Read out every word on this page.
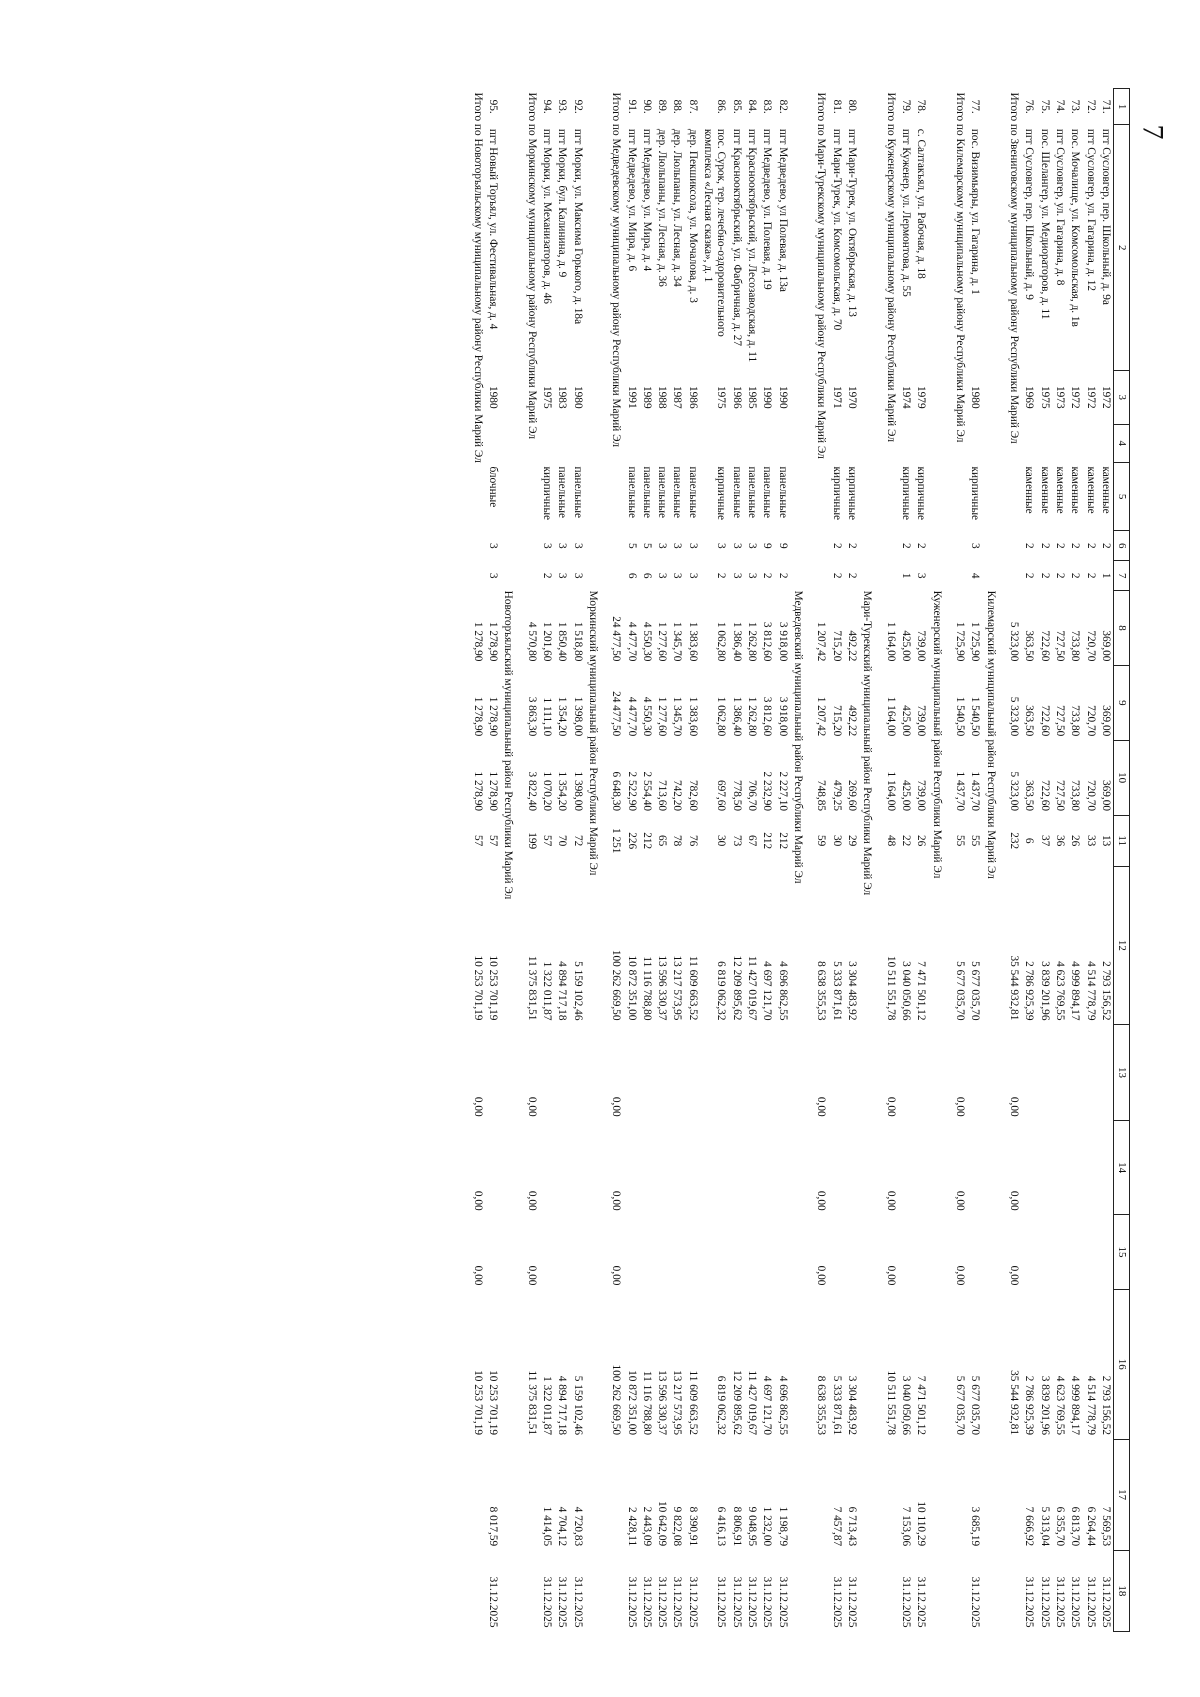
7
1	2	3	4	5	6	7	8	9	10	11	12	13	14	15	16	17	18
71.	пгт Сусловгер, пер. Школьный, д. 9а	1972		каменные	2	1	369,00	369,00	369,00	13	2 793 156,52				2 793 156,52	7 569,53	31.12.2025
72.	пгт Сусловгер, ул. Гагарина, д. 12	1972		каменные	2	2	720,70	720,70	720,70	33	4 514 778,79				4 514 778,79	6 264,44	31.12.2025
73.	пос. Мочалище, ул. Комсомольская, д. 1в	1972		каменные	2	2	733,80	733,80	733,80	26	4 999 894,17				4 999 894,17	6 813,70	31.12.2025
74.	пгт Сусловгер, ул. Гагарина, д. 8	1973		каменные	2	2	727,50	727,50	727,50	36	4 623 769,55				4 623 769,55	6 355,70	31.12.2025
75.	пос. Шелангер, ул. Медиораторов, д. 11	1975		каменные	2	2	722,60	722,60	722,60	37	3 839 201,96				3 839 201,96	5 313,04	31.12.2025
76.	пгт Сусловгер, пер. Школьный, д. 9	1969		каменные	2	2	363,50	363,50	363,50	6	2 786 925,39				2 786 925,39	7 666,92	31.12.2025
Итого по Звениговскому муниципальному району Республики Марий Эл							5 323,00	5 323,00	5 323,00	232	35 544 932,81	0,00	0,00	0,00	35 544 932,81		
							Килемарский муниципальный район Республики Марий Эл										
77.	пос. Визимьяры, ул. Гагарина, д. 1	1980		кирпичные	3	4	1 725,90	1 540,50	1 437,70	55	5 677 035,70				5 677 035,70	3 685,19	31.12.2025
Итого по Килемарскому муниципальному району Республики Марий Эл							1 725,90	1 540,50	1 437,70	55	5 677 035,70	0,00	0,00	0,00	5 677 035,70		
							Куженерский муниципальный район Республики Марий Эл										
78.	с. Салтакъял, ул. Рабочая, д. 18	1979		кирпичные	2	3	739,00	739,00	739,00	26	7 471 501,12				7 471 501,12	10 110,29	31.12.2025
79.	пгт Куженер, ул. Лермонтова, д. 55	1974		кирпичные	2	1	425,00	425,00	425,00	22	3 040 050,66				3 040 050,66	7 153,06	31.12.2025
Итого по Куженерскому муниципальному району Республики Марий Эл							1 164,00	1 164,00	1 164,00	48	10 511 551,78	0,00	0,00	0,00	10 511 551,78		
							Мари-Турекский муниципальный район Республики Марий Эл										
80.	пгт Мари-Турек, ул. Октябрьская, д. 13	1970		кирпичные	2	2	492,22	492,22	269,60	29	3 304 483,92				3 304 483,92	6 713,43	31.12.2025
81.	пгт Мари-Турек, ул. Комсомольская, д. 70	1971		кирпичные	2	2	715,20	715,20	479,25	30	5 333 871,61				5 333 871,61	7 457,87	31.12.2025
Итого по Мари-Турекскому муниципальному району Республики Марий Эл							1 207,42	1 207,42	748,85	59	8 638 355,53	0,00	0,00	0,00	8 638 355,53		
							Медведевский муниципальный район Республики Марий Эл										
82.	пгт Медведево, ул Полевая, д. 13а	1990		панельные	9	2	3 918,00	3 918,00	2 227,10	212	4 696 862,55				4 696 862,55	1 198,79	31.12.2025
83.	пгт Медведево, ул. Полевая, д. 19	1990		панельные	9	2	3 812,60	3 812,60	2 232,90	212	4 697 121,70				4 697 121,70	1 232,00	31.12.2025
84.	пгт Краснооктябрьский, ул. Лесозаводская, д. 11	1985		панельные	3	3	1 262,80	1 262,80	706,70	67	11 427 019,67				11 427 019,67	9 048,95	31.12.2025
85.	пгт Краснооктябрьский, ул. Фабричная, д. 27	1986		панельные	3	3	1 386,40	1 386,40	778,50	73	12 209 895,62				12 209 895,62	8 806,91	31.12.2025
86.	пос. Сурок, тер. лечебно-оздоровительного комплекса «Лесная сказка», д. 1	1975		кирпичные	3	2	1 062,80	1 062,80	697,60	30	6 819 062,32				6 819 062,32	6 416,13	31.12.2025
87.	дер. Пекшиксола, ул. Мочалова, д. 3	1986		панельные	3	3	1 383,60	1 383,60	782,60	76	11 609 663,52				11 609 663,52	8 390,91	31.12.2025
88.	дер. Люльпаны, ул. Лесная, д. 34	1987		панельные	3	3	1 345,70	1 345,70	742,20	78	13 217 573,95				13 217 573,95	9 822,08	31.12.2025
89.	дер. Люльпаны, ул. Лесная, д. 36	1988		панельные	3	3	1 277,60	1 277,60	713,60	65	13 596 330,37				13 596 330,37	10 642,09	31.12.2025
90.	пгт Медведево, ул. Мира, д. 4	1989		панельные	5	6	4 550,30	4 550,30	2 554,40	212	11 116 788,80				11 116 788,80	2 443,09	31.12.2025
91.	пгт Медведево, ул. Мира, д. 6	1991		панельные	5	6	4 477,70	4 477,70	2 522,90	226	10 872 351,00				10 872 351,00	2 428,11	31.12.2025
Итого по Медведевскому муниципальному району Республики Марий Эл							24 477,50	24 477,50	6 648,30	1 251	100 262 669,50	0,00	0,00	0,00	100 262 669,50		
							Моркинский муниципальный район Республики Марий Эл										
92.	пгт Морки, ул. Максима Горького, д. 18а	1980		панельные	3	3	1 518,80	1 398,00	1 398,00	72	5 159 102,46				5 159 102,46	4 720,83	31.12.2025
93.	пгт Морки, бул. Калинина, д. 9	1983		панельные	3	3	1 850,40	1 354,20	1 354,20	70	4 894 717,18				4 894 717,18	4 704,12	31.12.2025
94.	пгт Морки, ул. Механизаторов, д. 46	1975		кирпичные	3	2	1 201,60	1 111,10	1 070,20	57	1 322 011,87				1 322 011,87	1 414,05	31.12.2025
Итого по Моркинскому муниципальному району Республики Марий Эл							4 570,80	3 863,30	3 822,40	199	11 375 831,51	0,00	0,00	0,00	11 375 831,51		
							Новоторъяльский муниципальный район Республики Марий Эл										
95.	пгт Новый Торъял, ул. Фестивальная, д. 4	1980		блочные	3	3	1 278,90	1 278,90	1 278,90	57	10 253 701,19				10 253 701,19	8 017,59	31.12.2025
Итого по Новоторъяльскому муниципальному району Республики Марий Эл							1 278,90	1 278,90	1 278,90	57	10 253 701,19	0,00	0,00	0,00	10 253 701,19		
